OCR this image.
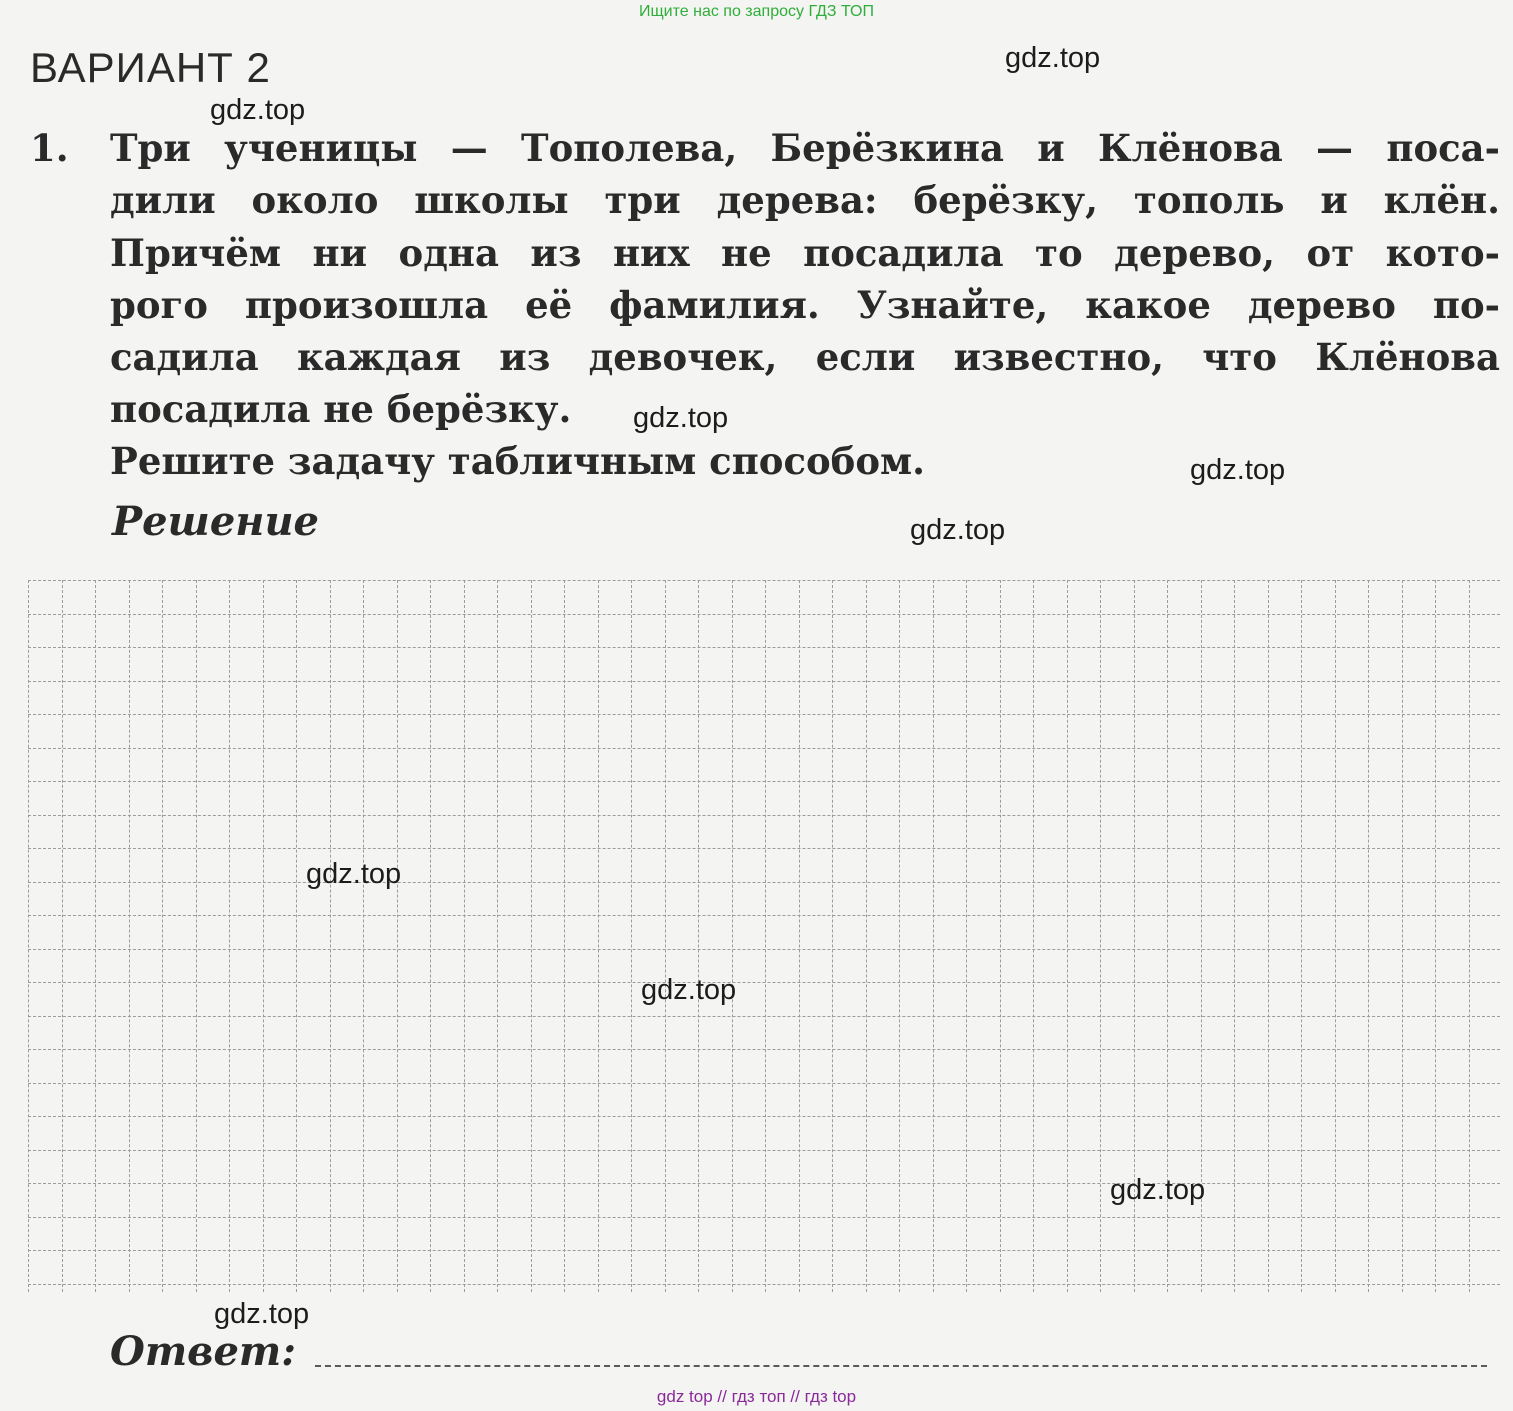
Ищите нас по запросу ГДЗ ТОП
ВАРИАНТ 2
1. Три ученицы — Тополева, Берёзкина и Клёнова — поса-
дили около школы три дерева: берёзку, тополь и клён.
Причём ни одна из них не посадила то дерево, от кото-
рого произошла её фамилия. Узнайте, какое дерево по-
садила каждая из девочек, если известно, что Клёнова
посадила не берёзку.
Решите задачу табличным способом.
Решение
Ответ:
gdz.top
gdz.top
gdz.top
gdz.top
gdz.top
gdz.top
gdz.top
gdz.top
gdz.top
gdz top // гдз топ // гдз top
